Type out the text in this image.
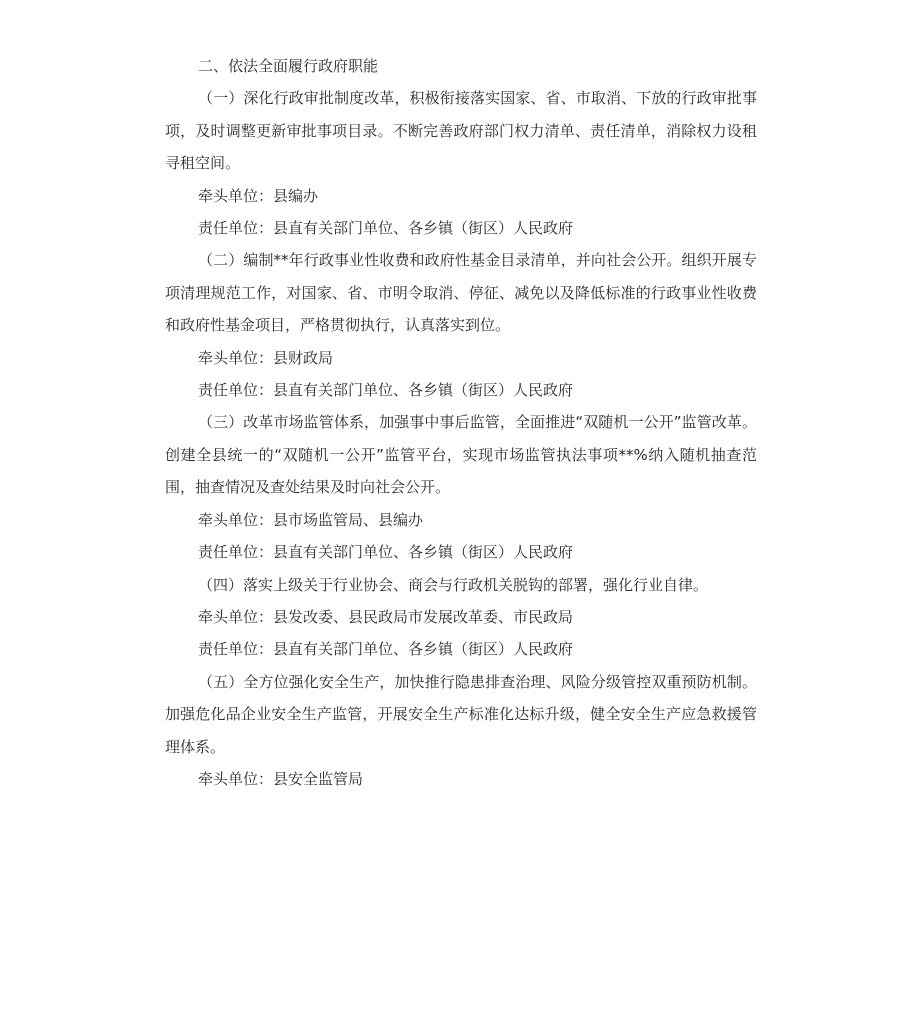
二、依法全面履行政府职能

（一）深化行政审批制度改革，积极衔接落实国家、省、市取消、下放的行政审批事项，及时调整更新审批事项目录。不断完善政府部门权力清单、责任清单，消除权力设租寻租空间。

牵头单位：县编办

责任单位：县直有关部门单位、各乡镇（街区）人民政府

（二）编制**年行政事业性收费和政府性基金目录清单，并向社会公开。组织开展专项清理规范工作，对国家、省、市明令取消、停征、减免以及降低标准的行政事业性收费和政府性基金项目，严格贯彻执行，认真落实到位。

牵头单位：县财政局

责任单位：县直有关部门单位、各乡镇（街区）人民政府

（三）改革市场监管体系，加强事中事后监管，全面推进“双随机一公开”监管改革。创建全县统一的“双随机一公开”监管平台，实现市场监管执法事项**%纳入随机抽查范围，抽查情况及查处结果及时向社会公开。

牵头单位：县市场监管局、县编办

责任单位：县直有关部门单位、各乡镇（街区）人民政府

（四）落实上级关于行业协会、商会与行政机关脱钩的部署，强化行业自律。

牵头单位：县发改委、县民政局市发展改革委、市民政局

责任单位：县直有关部门单位、各乡镇（街区）人民政府

（五）全方位强化安全生产，加快推行隐患排查治理、风险分级管控双重预防机制。加强危化品企业安全生产监管，开展安全生产标准化达标升级，健全安全生产应急救援管理体系。

牵头单位：县安全监管局
